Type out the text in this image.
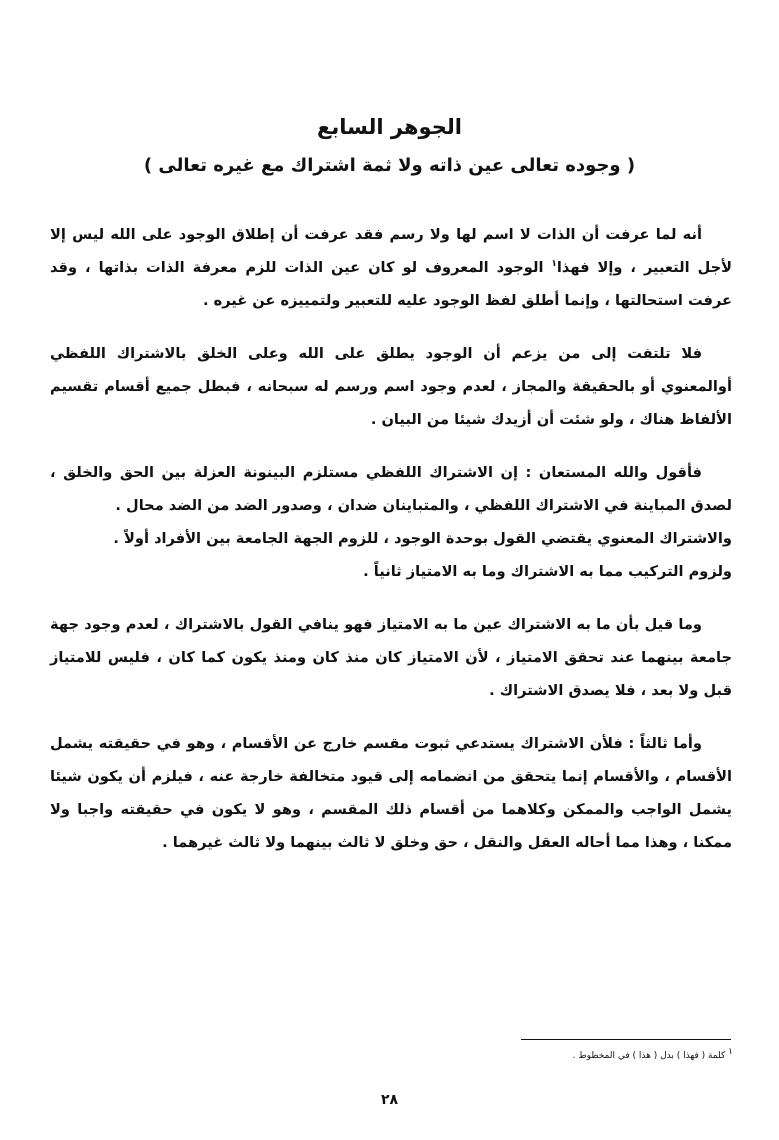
الجوهر السابع
( وجوده تعالى عين ذاته ولا ثمة اشتراك مع غيره تعالى )

أنه لما عرفت أن الذات لا اسم لها ولا رسم فقد عرفت أن إطلاق الوجود على الله ليس إلا لأجل التعبير ، وإلا فهذا$^١$ الوجود المعروف لو كان عين الذات للزم معرفة الذات بذاتها ، وقد عرفت استحالتها ، وإنما أطلق لفظ الوجود عليه للتعبير ولتمييزه عن غيره .

فلا تلتفت إلى من يزعم أن الوجود يطلق على الله وعلى الخلق بالاشتراك اللفظي أوالمعنوي أو بالحقيقة والمجاز ، لعدم وجود اسم ورسم له سبحانه ، فبطل جميع أقسام تقسيم الألفاظ هناك ، ولو شئت أن أزيدك شيئا من البيان .

فأقول والله المستعان : إن الاشتراك اللفظي مستلزم البينونة العزلة بين الحق والخلق ، لصدق المباينة في الاشتراك اللفظي ، والمتباينان ضدان ، وصدور الضد من الضد محال .

والاشتراك المعنوي يقتضي القول بوحدة الوجود ، للزوم الجهة الجامعة بين الأفراد أولاً .

ولزوم التركيب مما به الاشتراك وما به الامتياز ثانياً .

وما قيل بأن ما به الاشتراك عين ما به الامتياز فهو ينافي القول بالاشتراك ، لعدم وجود جهة جامعة بينهما عند تحقق الامتياز ، لأن الامتياز كان منذ كان ومنذ يكون كما كان ، فليس للامتياز قبل ولا بعد ، فلا يصدق الاشتراك .

وأما ثالثاً : فلأن الاشتراك يستدعي ثبوت مقسم خارج عن الأقسام ، وهو في حقيقته يشمل الأقسام ، والأقسام إنما يتحقق من انضمامه إلى قيود متخالفة خارجة عنه ، فيلزم أن يكون شيئا يشمل الواجب والممكن وكلاهما من أقسام ذلك المقسم ، وهو لا يكون في حقيقته واجبا ولا ممكنا ، وهذا مما أحاله العقل والنقل ، حق وخلق لا ثالث بينهما ولا ثالث غيرهما .

١ كلمة ( فهذا ) بدل ( هذا ) في المخطوط .
٢٨
